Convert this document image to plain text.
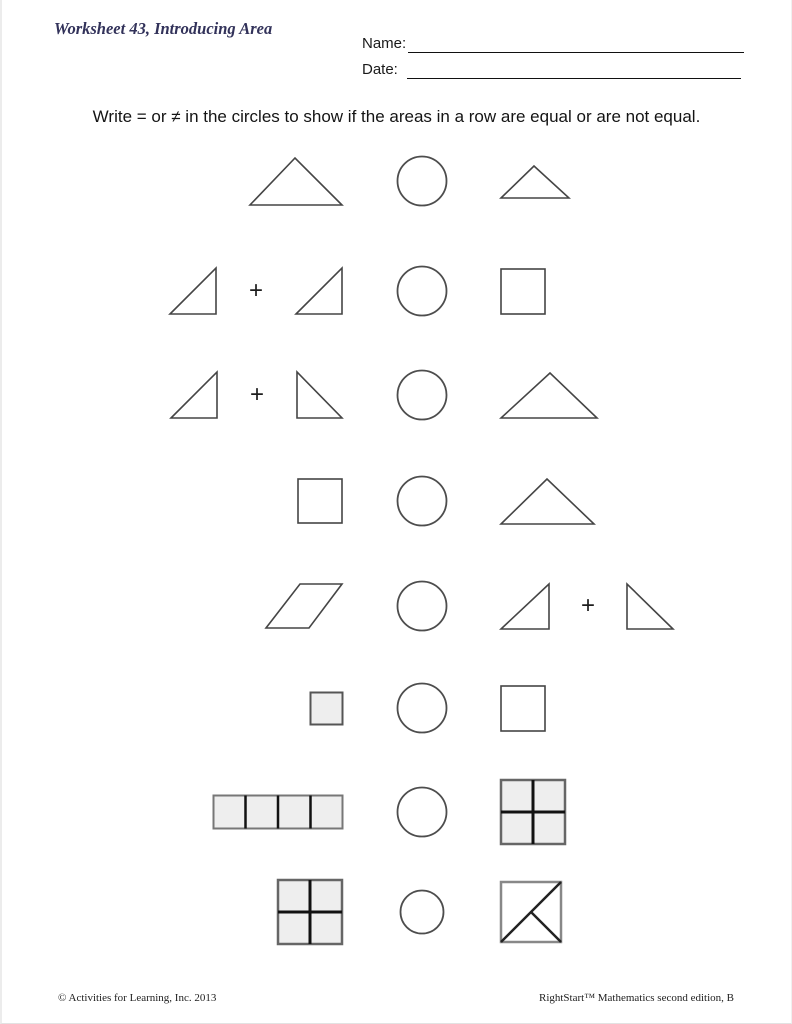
Worksheet 43, Introducing Area
Name:
Date:
Write = or ≠ in the circles to show if the areas in a row are equal or are not equal.
+
+
+
© Activities for Learning, Inc. 2013	RightStart™ Mathematics second edition, B
